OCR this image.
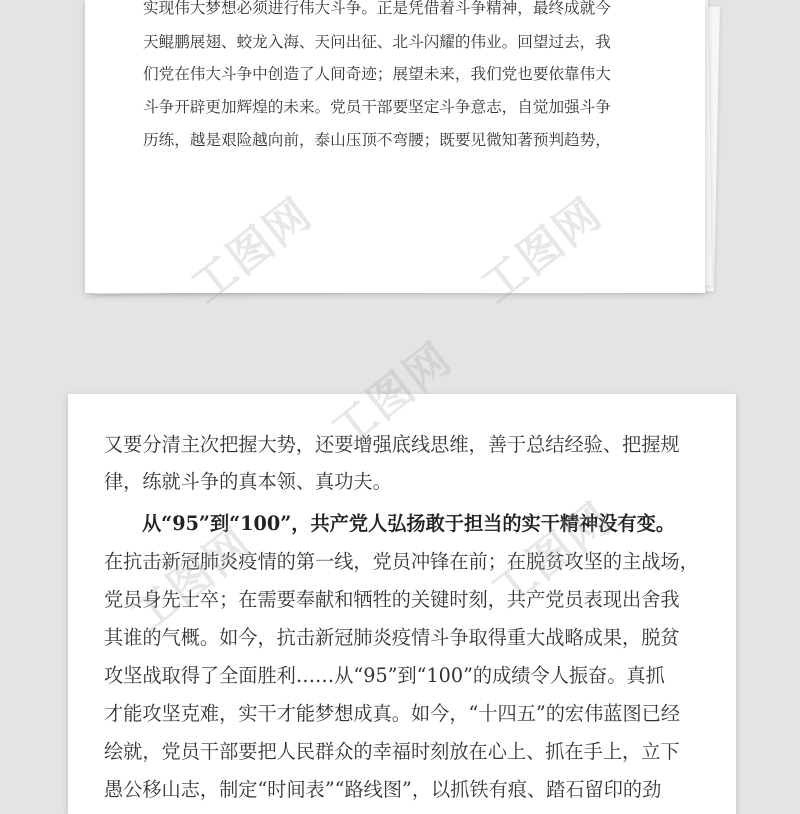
实现伟大梦想必须进行伟大斗争。正是凭借着斗争精神，最终成就今
天鲲鹏展翅、蛟龙入海、天问出征、北斗闪耀的伟业。回望过去，我
们党在伟大斗争中创造了人间奇迹；展望未来，我们党也要依靠伟大
斗争开辟更加辉煌的未来。党员干部要坚定斗争意志，自觉加强斗争
历练，越是艰险越向前，泰山压顶不弯腰；既要见微知著预判趋势，
又要分清主次把握大势，还要增强底线思维，善于总结经验、把握规
律，练就斗争的真本领、真功夫。
从“95”到“100”，共产党人弘扬敢于担当的实干精神没有变。
在抗击新冠肺炎疫情的第一线，党员冲锋在前；在脱贫攻坚的主战场，
党员身先士卒；在需要奉献和牺牲的关键时刻，共产党员表现出舍我
其谁的气概。如今，抗击新冠肺炎疫情斗争取得重大战略成果，脱贫
攻坚战取得了全面胜利……从“95”到“100”的成绩令人振奋。真抓
才能攻坚克难，实干才能梦想成真。如今，“十四五”的宏伟蓝图已经
绘就，党员干部要把人民群众的幸福时刻放在心上、抓在手上，立下
愚公移山志，制定“时间表”“路线图”，以抓铁有痕、踏石留印的劲
工图网	工图网
工图网
工图网
工图网
